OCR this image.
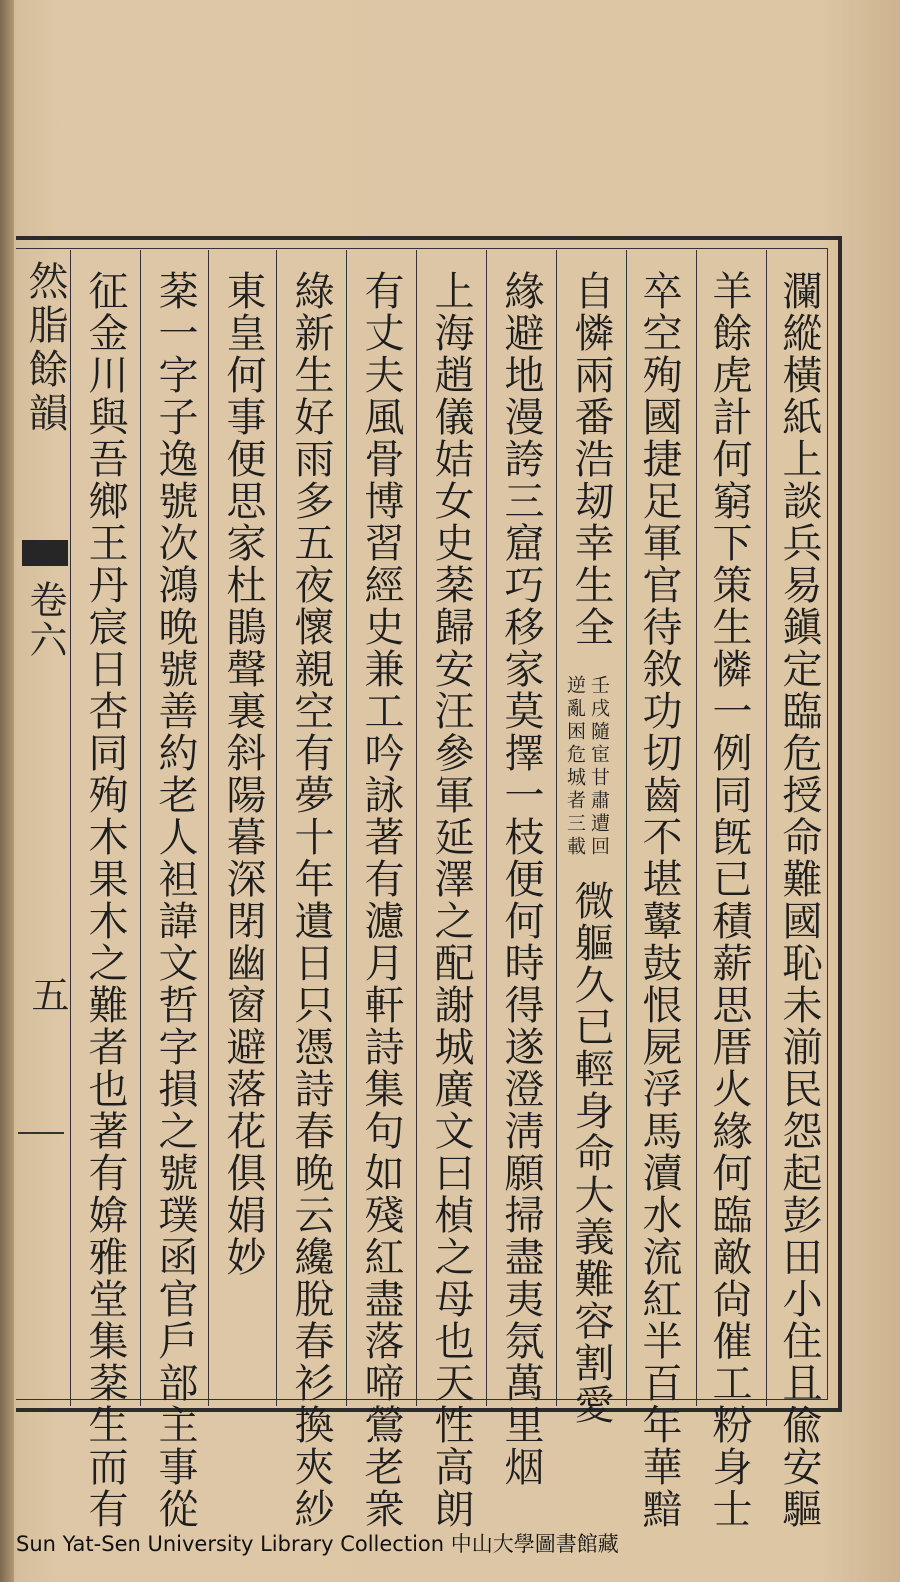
然脂餘韻
卷六
五	瀾縱橫紙上談兵易鎭定臨危授命難國恥未湔民怨起彭田小住且偸安驅
羊餘虎計何窮下策生憐一例同旣已積薪思厝火緣何臨敵尙催工粉身士
卒空殉國捷足軍官待敘功切齒不堪鼙鼓恨屍浮馬瀆水流紅半百年華黯
自憐兩番浩刼幸生全
壬戌隨宦甘肅遭回
逆亂困危城者三載
微軀久已輕身命大義難容割愛
緣避地漫誇三窟巧移家莫擇一枝便何時得遂澄淸願掃盡夷氛萬里烟
上海趙儀姞女史棻歸安汪參軍延澤之配謝城廣文曰楨之母也天性高朗
有丈夫風骨博習經史兼工吟詠著有濾月軒詩集句如殘紅盡落啼鶯老衆
綠新生好雨多五夜懷親空有夢十年遺日只憑詩春晚云纔脫春衫換夾紗
東皇何事便思家杜鵑聲裏斜陽暮深閉幽窗避落花俱娟妙
棻一字子逸號次鴻晚號善約老人袒諱文哲字損之號璞函官戶部主事從
征金川與吾鄉王丹宸日杏同殉木果木之難者也著有媕雅堂集棻生而有
Sun Yat-Sen University Library Collection 中山大學圖書館藏
